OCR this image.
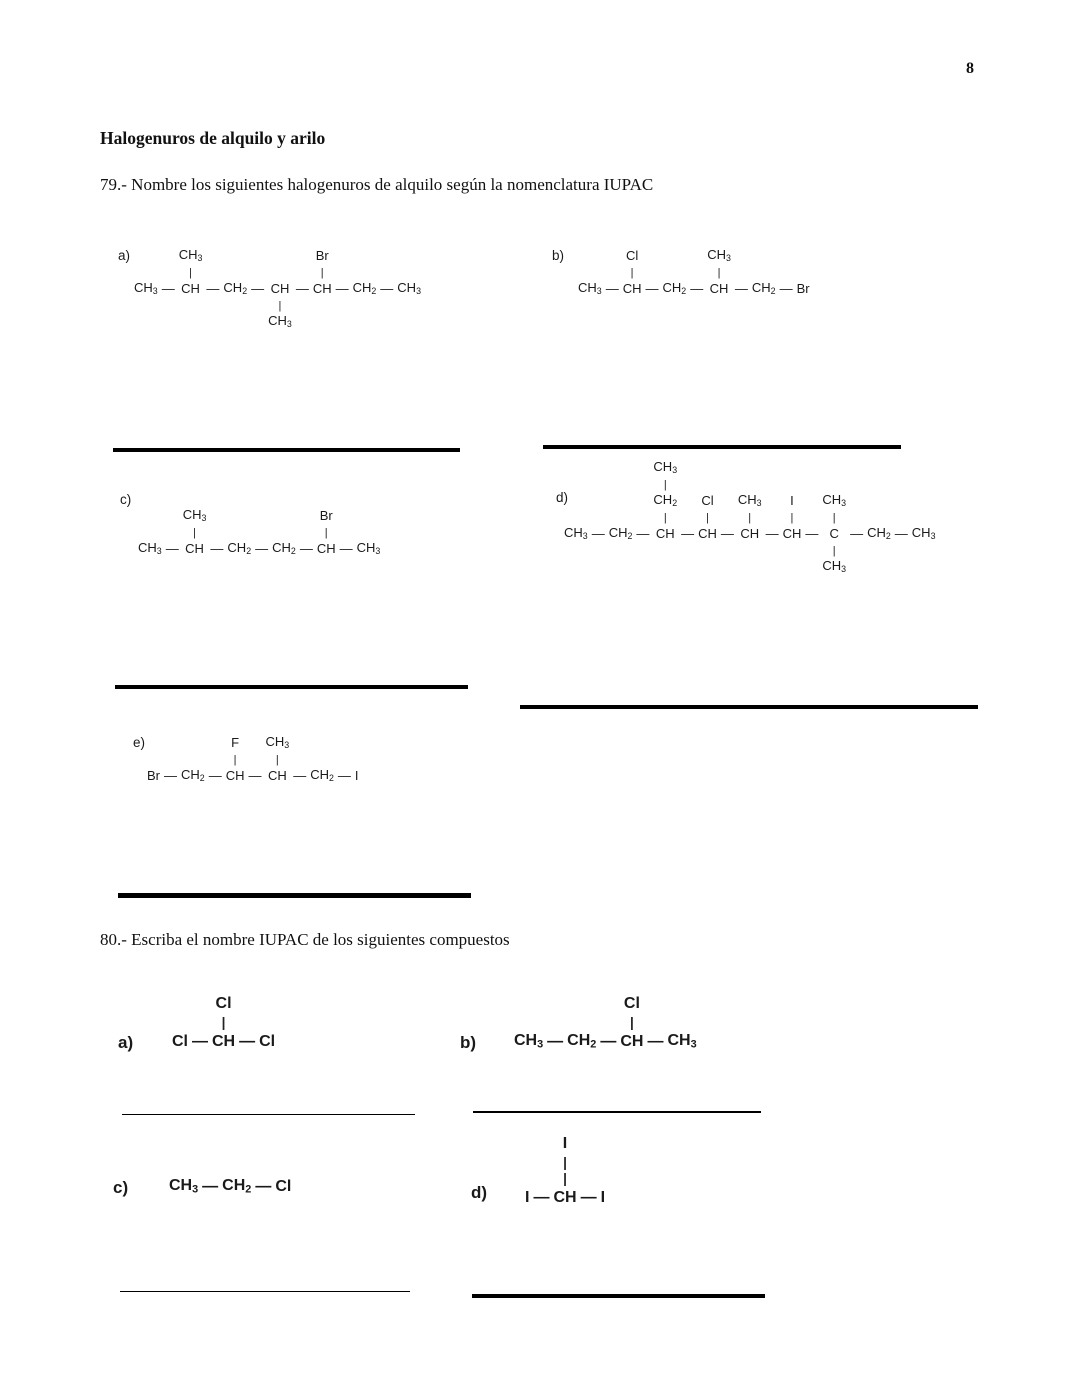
8
Halogenuros de alquilo y arilo

79.- Nombre los siguientes halogenuros de alquilo según la nomenclatura IUPAC

a)
			$CH_3$						Br				
		|						|				
$CH_3$	—	CH	—	$CH_2$	—	CH	—	CH	—	$CH_2$	—	$CH_3$
						|						
						$CH_3$						
b)
			Cl				$CH_3$				
		|				|				
$CH_3$	—	CH	—	$CH_2$	—	CH	—	$CH_2$	—	Br
c)
		$CH_3$						Br		
		|						|		
$CH_3$	—	CH	—	$CH_2$	—	$CH_2$	—	CH	—	$CH_3$
d)
				$CH_3$												
				|												
				$CH_2$		Cl		$CH_3$		I		$CH_3$				
				|		|		|		|		|				
$CH_3$	—	$CH_2$	—	CH	—	CH	—	CH	—	CH	—	C	—	$CH_2$	—	$CH_3$
												|				
												$CH_3$				
e)
					F		$CH_3$				
				|		|				
Br	—	$CH_2$	—	CH	—	CH	—	$CH_2$	—	I

80.- Escriba el nombre IUPAC de los siguientes compuestos

a)
		Cl		
		|		
Cl	—	CH	—	Cl	b)
				Cl		
				|		
$CH_3$	—	$CH_2$	—	CH	—	$CH_3$
c)	$CH_3$	—	$CH_2$	—	Cl	d)
		I		
		|		
		|		
I	—	CH	—	I
